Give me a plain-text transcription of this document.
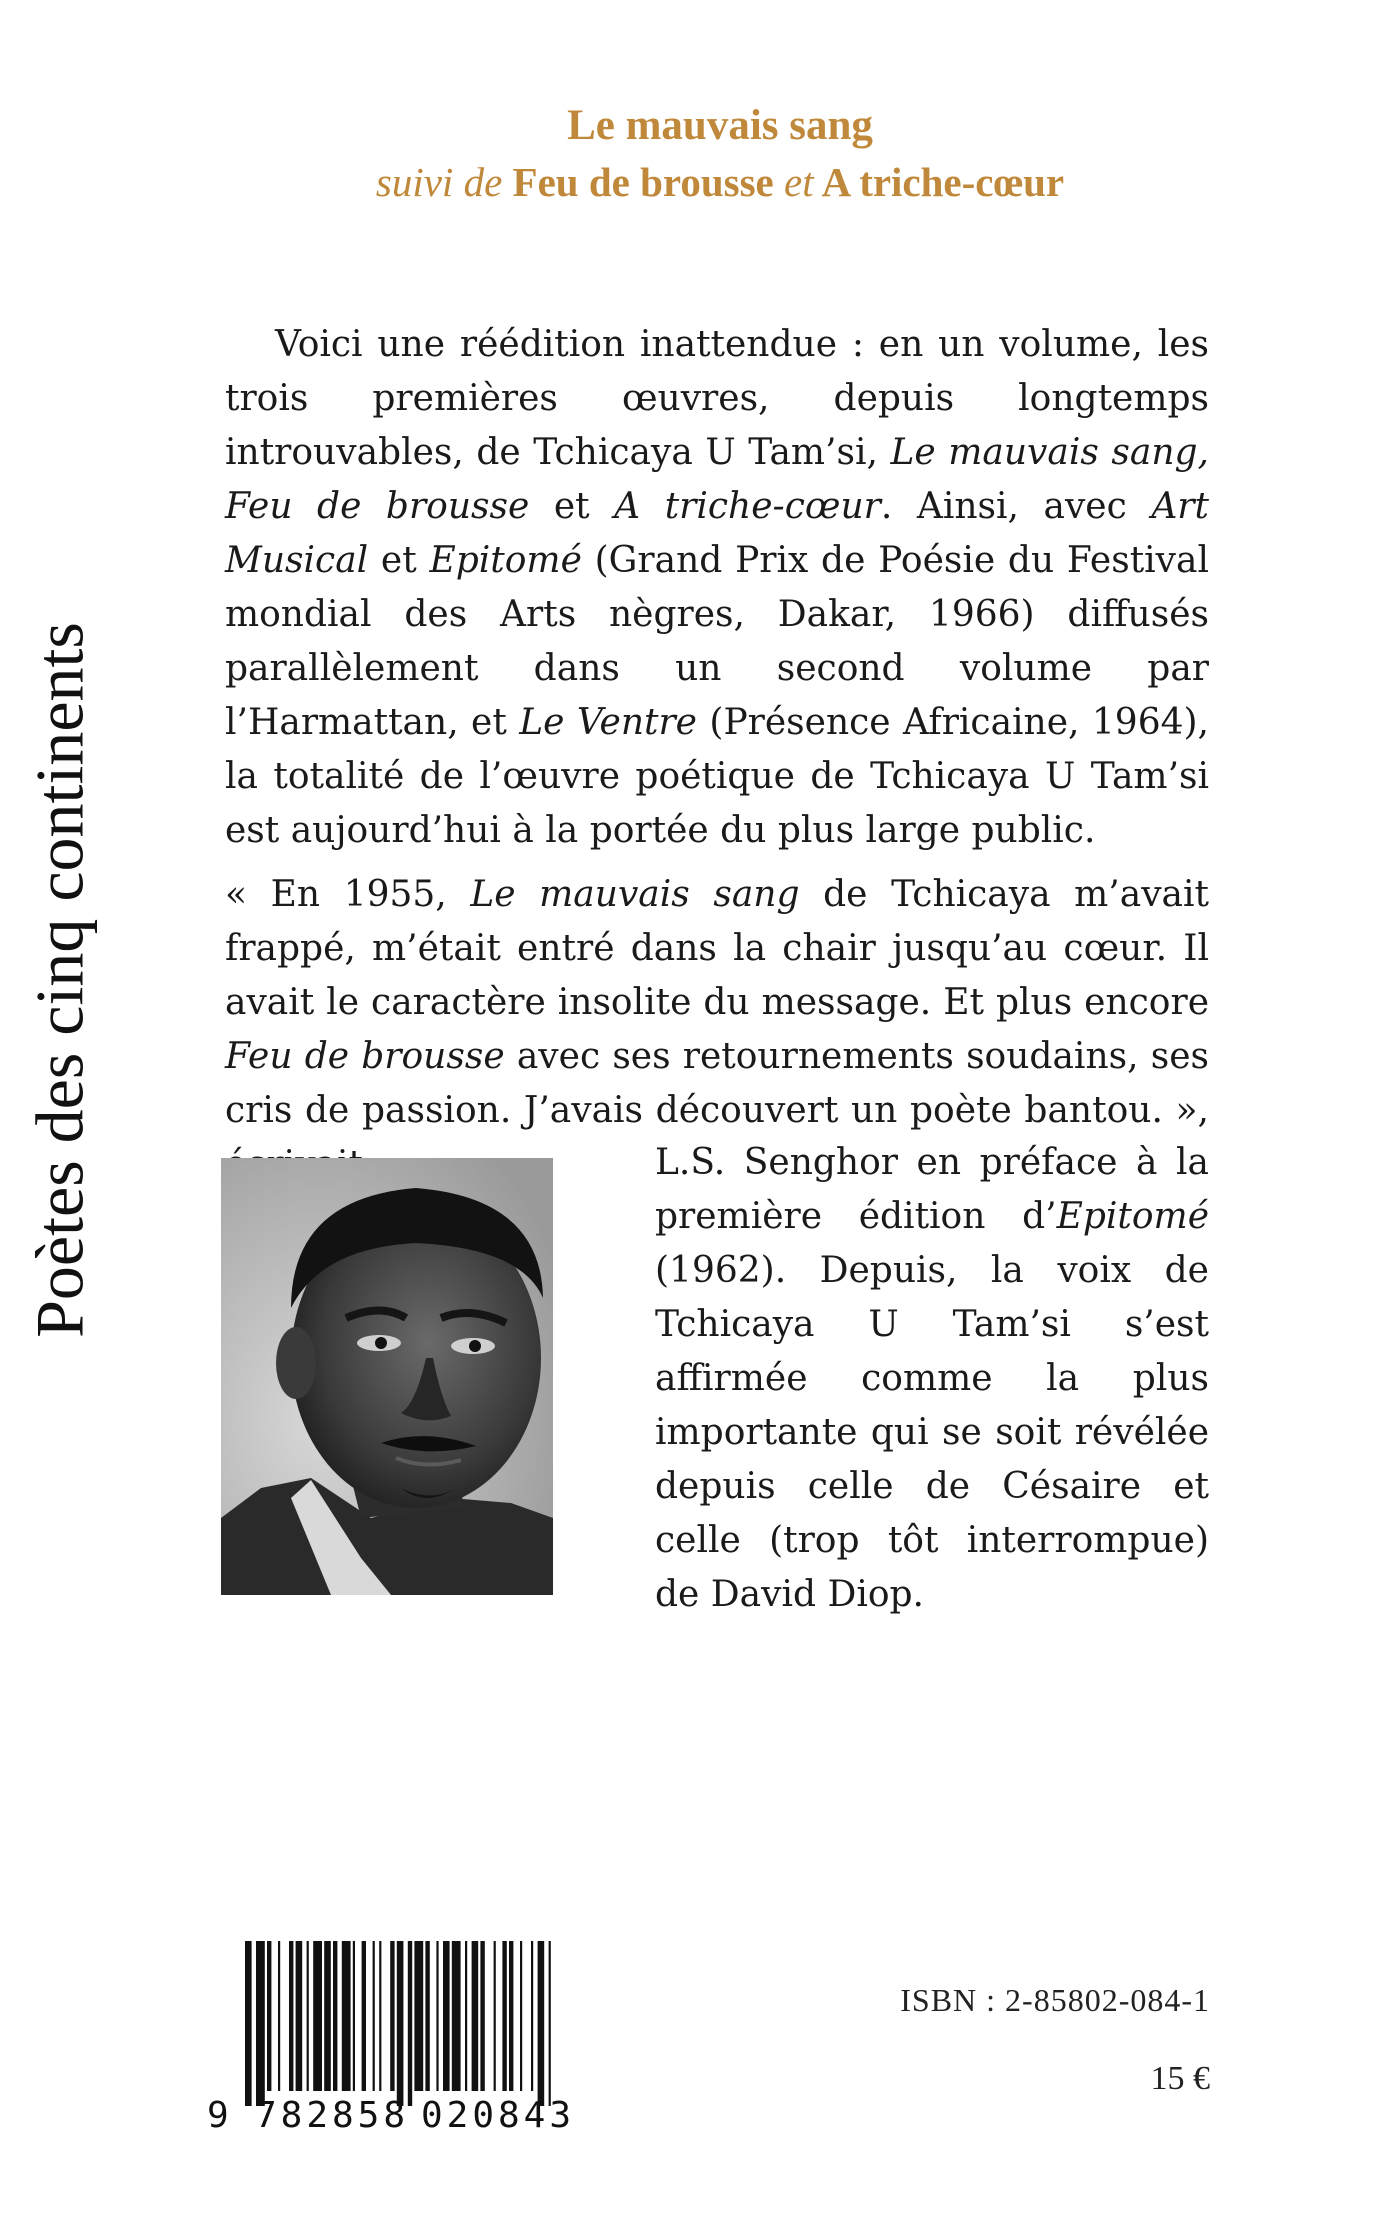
Poètes des cinq continents
Le mauvais sang
suivi de Feu de brousse et A triche-cœur
Voici une réédition inattendue : en un volume, les trois premières œuvres, depuis longtemps introuvables, de Tchicaya U Tam’si, Le mauvais sang, Feu de brousse et A triche-cœur. Ainsi, avec Art Musical et Epitomé (Grand Prix de Poésie du Festival mondial des Arts nègres, Dakar, 1966) diffusés parallèlement dans un second volume par l’Harmattan, et Le Ventre (Présence Africaine, 1964), la totalité de l’œuvre poétique de Tchicaya U Tam’si est aujourd’hui à la portée du plus large public.
« En 1955, Le mauvais sang de Tchicaya m’avait frappé, m’était entré dans la chair jusqu’au cœur. Il avait le caractère insolite du message. Et plus encore Feu de brousse avec ses retournements soudains, ses cris de passion. J’avais découvert un poète bantou. »,
L.S. Senghor en préface à la première édition d’Epitomé (1962). Depuis, la voix de Tchicaya U Tam’si s’est affirmée comme la plus importante qui se soit révélée depuis celle de Césaire et celle (trop tôt interrompue) de David Diop.
9 782858 020843
ISBN : 2-85802-084-1
15 €
